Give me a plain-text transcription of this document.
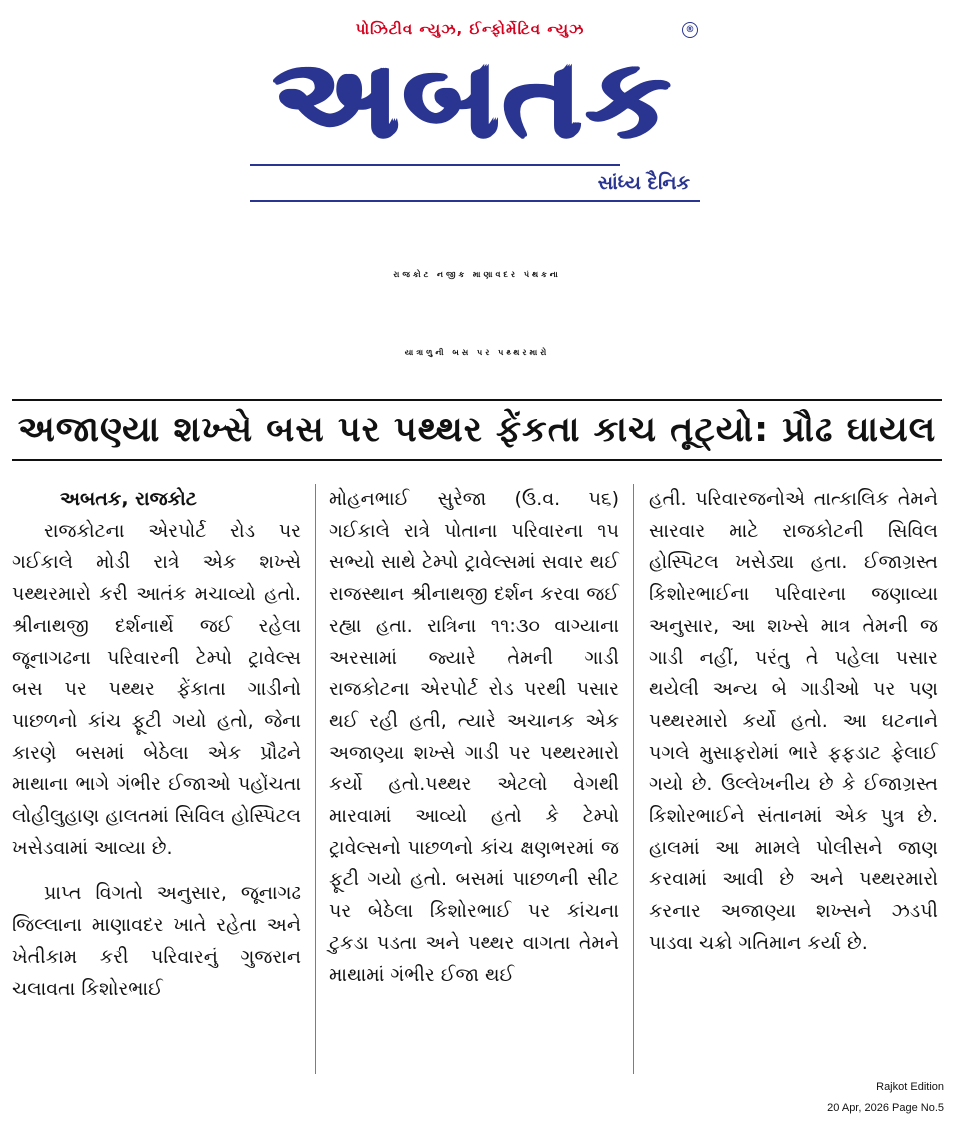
પોઝિટીવ ન્યુઝ, ઈન્ફોર્મેટિવ ન્યુઝ
અબતક
®
સાંધ્ય દૈનિક
રાજકોટ નજીક માણાવદર પંથકના
યાત્રાળુની બસ પર પથ્થરમારો
અજાણ્યા શખ્સે બસ પર પથ્થર ફેંકતા કાચ તૂટ્યો: પ્રૌઢ ઘાયલ

અબતક, રાજકોટ

રાજકોટના એરપોર્ટ રોડ પર ગઈકાલે મોડી રાત્રે એક શખ્સે પથ્થરમારો કરી આતંક મચાવ્યો હતો. શ્રીનાથજી દર્શનાર્થે જઈ રહેલા જૂનાગઢના પરિવારની ટેમ્પો ટ્રાવેલ્સ બસ પર પથ્થર ફેંકાતા ગાડીનો પાછળનો કાંચ ફૂટી ગયો હતો, જેના કારણે બસમાં બેઠેલા એક પ્રૌઢને માથાના ભાગે ગંભીર ઈજાઓ પહોંચતા લોહીલુહાણ હાલતમાં સિવિલ હોસ્પિટલ ખસેડવામાં આવ્યા છે.

પ્રાપ્ત વિગતો અનુસાર, જૂનાગઢ જિલ્લાના માણાવદર ખાતે રહેતા અને ખેતીકામ કરી પરિવારનું ગુજરાન ચલાવતા કિશોરભાઈ

મોહનભાઈ સુરેજા (ઉ.વ. ૫૬) ગઈકાલે રાત્રે પોતાના પરિવારના ૧૫ સભ્યો સાથે ટેમ્પો ટ્રાવેલ્સમાં સવાર થઈ રાજસ્થાન શ્રીનાથજી દર્શન કરવા જઈ રહ્યા હતા. રાત્રિના ૧૧:૩૦ વાગ્યાના અરસામાં જ્યારે તેમની ગાડી રાજકોટના એરપોર્ટ રોડ પરથી પસાર થઈ રહી હતી, ત્યારે અચાનક એક અજાણ્યા શખ્સે ગાડી પર પથ્થરમારો કર્યો હતો.પથ્થર એટલો વેગથી મારવામાં આવ્યો હતો કે ટેમ્પો ટ્રાવેલ્સનો પાછળનો કાંચ ક્ષણભરમાં જ ફૂટી ગયો હતો. બસમાં પાછળની સીટ પર બેઠેલા કિશોરભાઈ પર કાંચના ટુકડા પડતા અને પથ્થર વાગતા તેમને માથામાં ગંભીર ઈજા થઈ

હતી. પરિવારજનોએ તાત્કાલિક તેમને સારવાર માટે રાજકોટની સિવિલ હોસ્પિટલ ખસેડ્યા હતા. ઈજાગ્રસ્ત કિશોરભાઈના પરિવારના જણાવ્યા અનુસાર, આ શખ્સે માત્ર તેમની જ ગાડી નહીં, પરંતુ તે પહેલા પસાર થયેલી અન્ય બે ગાડીઓ પર પણ પથ્થરમારો કર્યો હતો. આ ઘટનાને પગલે મુસાફરોમાં ભારે ફફડાટ ફેલાઈ ગયો છે. ઉલ્લેખનીય છે કે ઈજાગ્રસ્ત કિશોરભાઈને સંતાનમાં એક પુત્ર છે. હાલમાં આ મામલે પોલીસને જાણ કરવામાં આવી છે અને પથ્થરમારો કરનાર અજાણ્યા શખ્સને ઝડપી પાડવા ચક્રો ગતિમાન કર્યા છે.

Rajkot Edition
20 Apr, 2026 Page No.5
